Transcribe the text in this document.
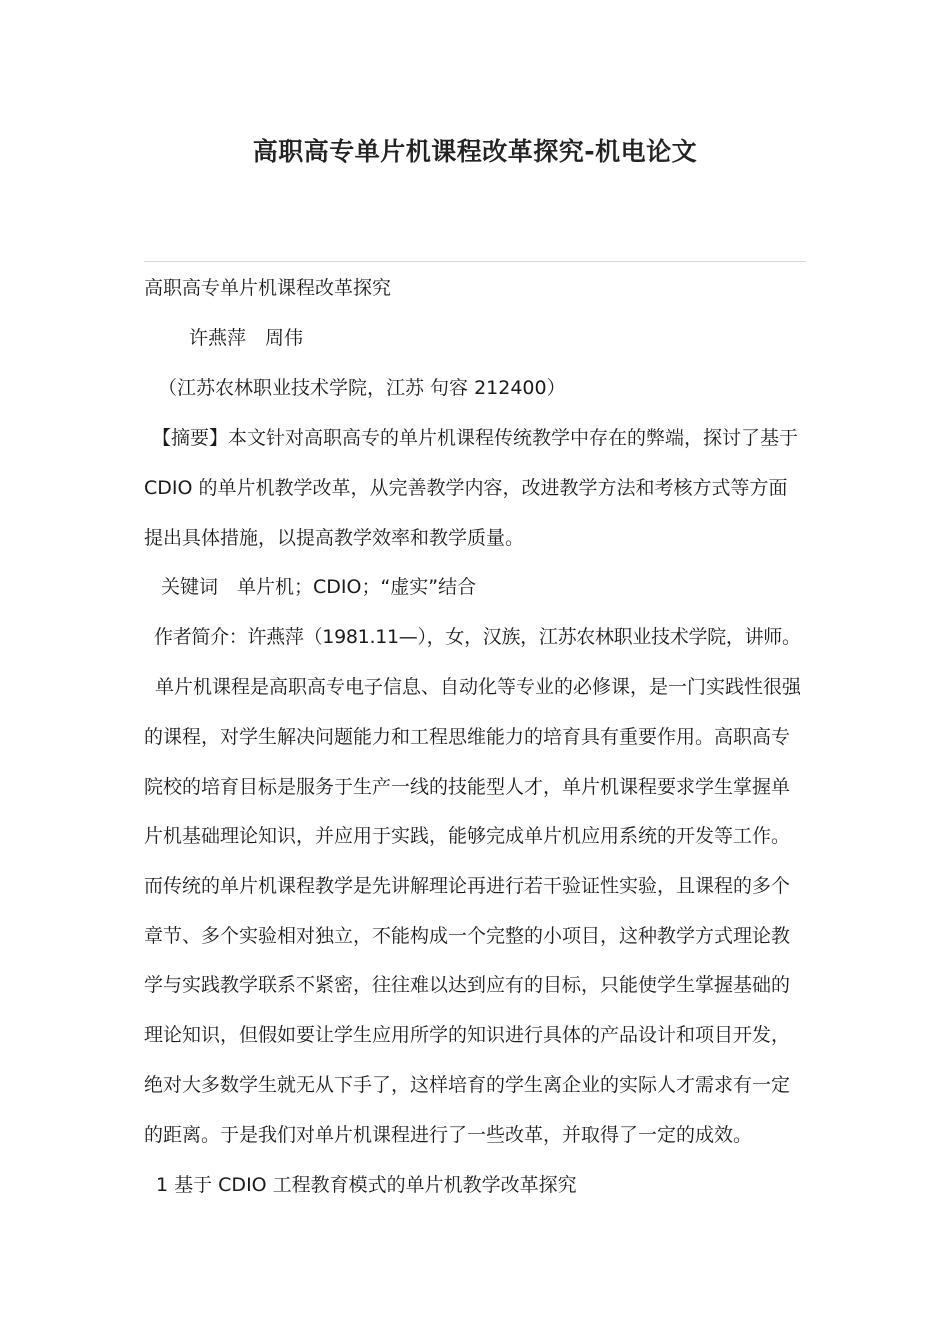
高职高专单片机课程改革探究-机电论文
高职高专单片机课程改革探究
许燕萍　周伟
（江苏农林职业技术学院，江苏 句容 212400）
【摘要】本文针对高职高专的单片机课程传统教学中存在的弊端，探讨了基于
CDIO 的单片机教学改革，从完善教学内容，改进教学方法和考核方式等方面
提出具体措施，以提高教学效率和教学质量。
关键词　单片机；CDIO；“虚实”结合
作者简介：许燕萍（1981.11—），女，汉族，江苏农林职业技术学院，讲师。
单片机课程是高职高专电子信息、自动化等专业的必修课，是一门实践性很强
的课程，对学生解决问题能力和工程思维能力的培育具有重要作用。高职高专
院校的培育目标是服务于生产一线的技能型人才，单片机课程要求学生掌握单
片机基础理论知识，并应用于实践，能够完成单片机应用系统的开发等工作。
而传统的单片机课程教学是先讲解理论再进行若干验证性实验，且课程的多个
章节、多个实验相对独立，不能构成一个完整的小项目，这种教学方式理论教
学与实践教学联系不紧密，往往难以达到应有的目标，只能使学生掌握基础的
理论知识，但假如要让学生应用所学的知识进行具体的产品设计和项目开发，
绝对大多数学生就无从下手了，这样培育的学生离企业的实际人才需求有一定
的距离。于是我们对单片机课程进行了一些改革，并取得了一定的成效。
1 基于 CDIO 工程教育模式的单片机教学改革探究
